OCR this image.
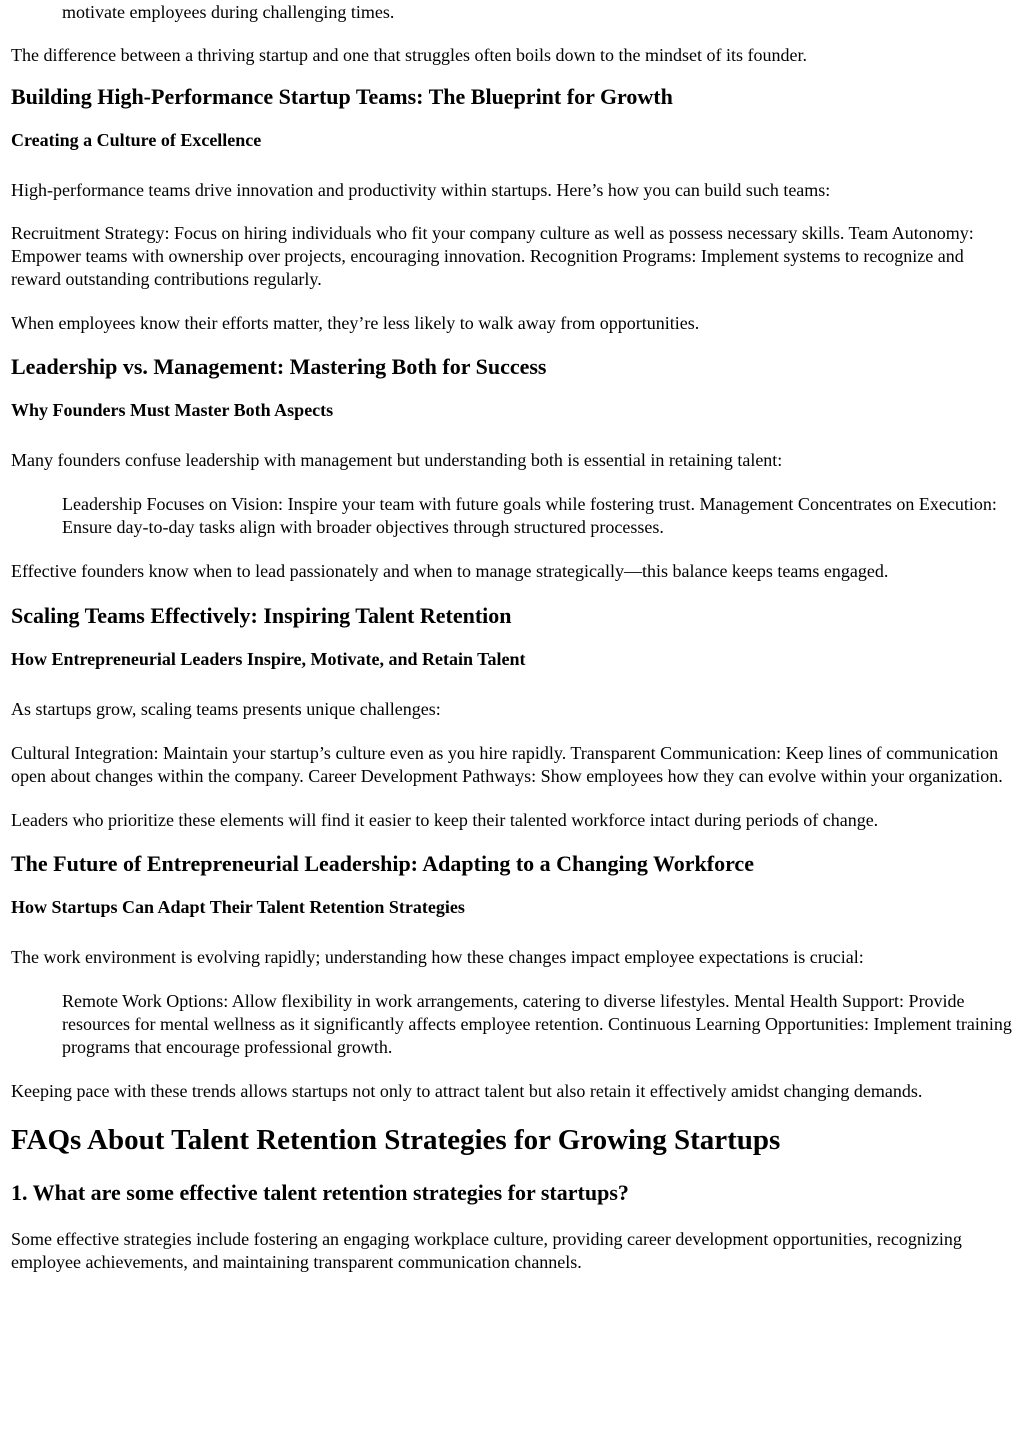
motivate employees during challenging times.

The difference between a thriving startup and one that struggles often boils down to the mindset of its founder.

Building High-Performance Startup Teams: The Blueprint for Growth
Creating a Culture of Excellence

High-performance teams drive innovation and productivity within startups. Here’s how you can build such teams:

Recruitment Strategy: Focus on hiring individuals who fit your company culture as well as possess necessary skills. Team Autonomy: Empower teams with ownership over projects, encouraging innovation. Recognition Programs: Implement systems to recognize and reward outstanding contributions regularly.

When employees know their efforts matter, they’re less likely to walk away from opportunities.

Leadership vs. Management: Mastering Both for Success
Why Founders Must Master Both Aspects

Many founders confuse leadership with management but understanding both is essential in retaining talent:

Leadership Focuses on Vision: Inspire your team with future goals while fostering trust. Management Concentrates on Execution: Ensure day-to-day tasks align with broader objectives through structured processes.

Effective founders know when to lead passionately and when to manage strategically—this balance keeps teams engaged.

Scaling Teams Effectively: Inspiring Talent Retention
How Entrepreneurial Leaders Inspire, Motivate, and Retain Talent

As startups grow, scaling teams presents unique challenges:

Cultural Integration: Maintain your startup’s culture even as you hire rapidly. Transparent Communication: Keep lines of communication open about changes within the company. Career Development Pathways: Show employees how they can evolve within your organization.

Leaders who prioritize these elements will find it easier to keep their talented workforce intact during periods of change.

The Future of Entrepreneurial Leadership: Adapting to a Changing Workforce
How Startups Can Adapt Their Talent Retention Strategies

The work environment is evolving rapidly; understanding how these changes impact employee expectations is crucial:

Remote Work Options: Allow flexibility in work arrangements, catering to diverse lifestyles. Mental Health Support: Provide resources for mental wellness as it significantly affects employee retention. Continuous Learning Opportunities: Implement training programs that encourage professional growth.

Keeping pace with these trends allows startups not only to attract talent but also retain it effectively amidst changing demands.

FAQs About Talent Retention Strategies for Growing Startups
1. What are some effective talent retention strategies for startups?

Some effective strategies include fostering an engaging workplace culture, providing career development opportunities, recognizing employee achievements, and maintaining transparent communication channels.
